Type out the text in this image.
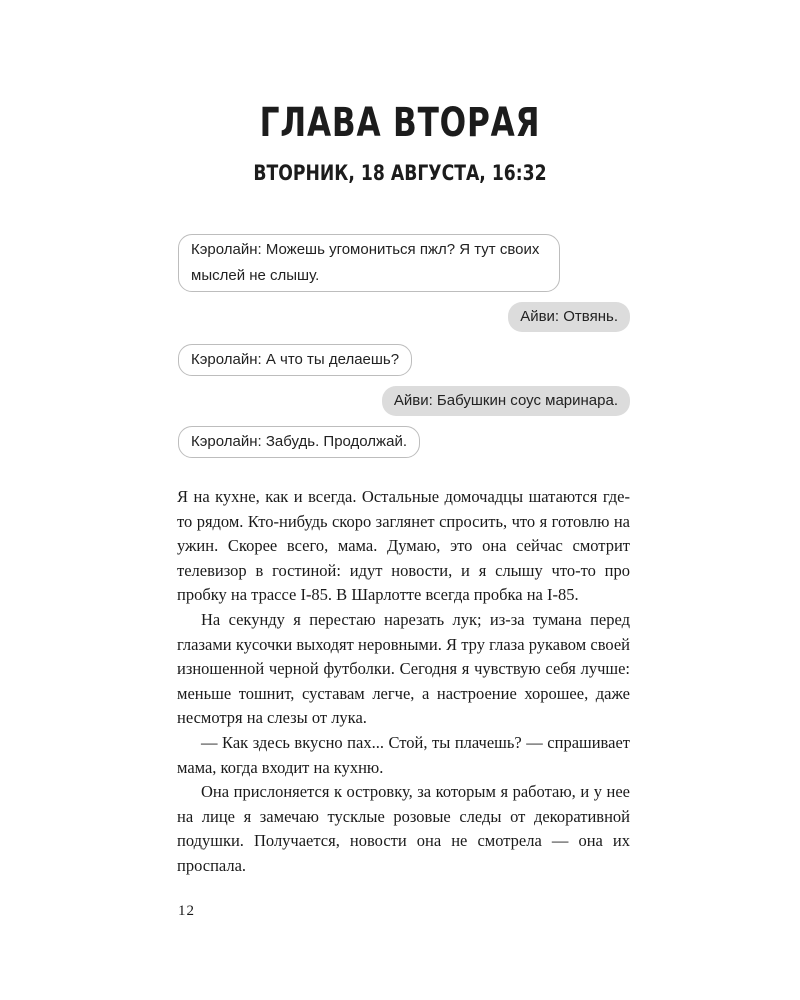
ГЛАВА ВТОРАЯ
ВТОРНИК, 18 АВГУСТА, 16:32
Кэролайн: Можешь угомониться пжл? Я тут своих мыслей не слышу.
Айви: Отвянь.
Кэролайн: А что ты делаешь?
Айви: Бабушкин соус маринара.
Кэролайн: Забудь. Продолжай.

Я на кухне, как и всегда. Остальные домочадцы шатаются где-то рядом. Кто-нибудь скоро заглянет спросить, что я готовлю на ужин. Скорее всего, мама. Думаю, это она сейчас смотрит телевизор в гостиной: идут новости, и я слышу что-то про пробку на трассе I-85. В Шарлотте всегда пробка на I-85.

На секунду я перестаю нарезать лук; из-за тумана перед глазами кусочки выходят неровными. Я тру глаза рукавом своей изношенной черной футболки. Сегодня я чувствую себя лучше: меньше тошнит, суставам легче, а настроение хорошее, даже несмотря на слезы от лука.

— Как здесь вкусно пах... Стой, ты плачешь? — спрашивает мама, когда входит на кухню.

Она прислоняется к островку, за которым я работаю, и у нее на лице я замечаю тусклые розовые следы от декоративной подушки. Получается, новости она не смотрела — она их проспала.

12
